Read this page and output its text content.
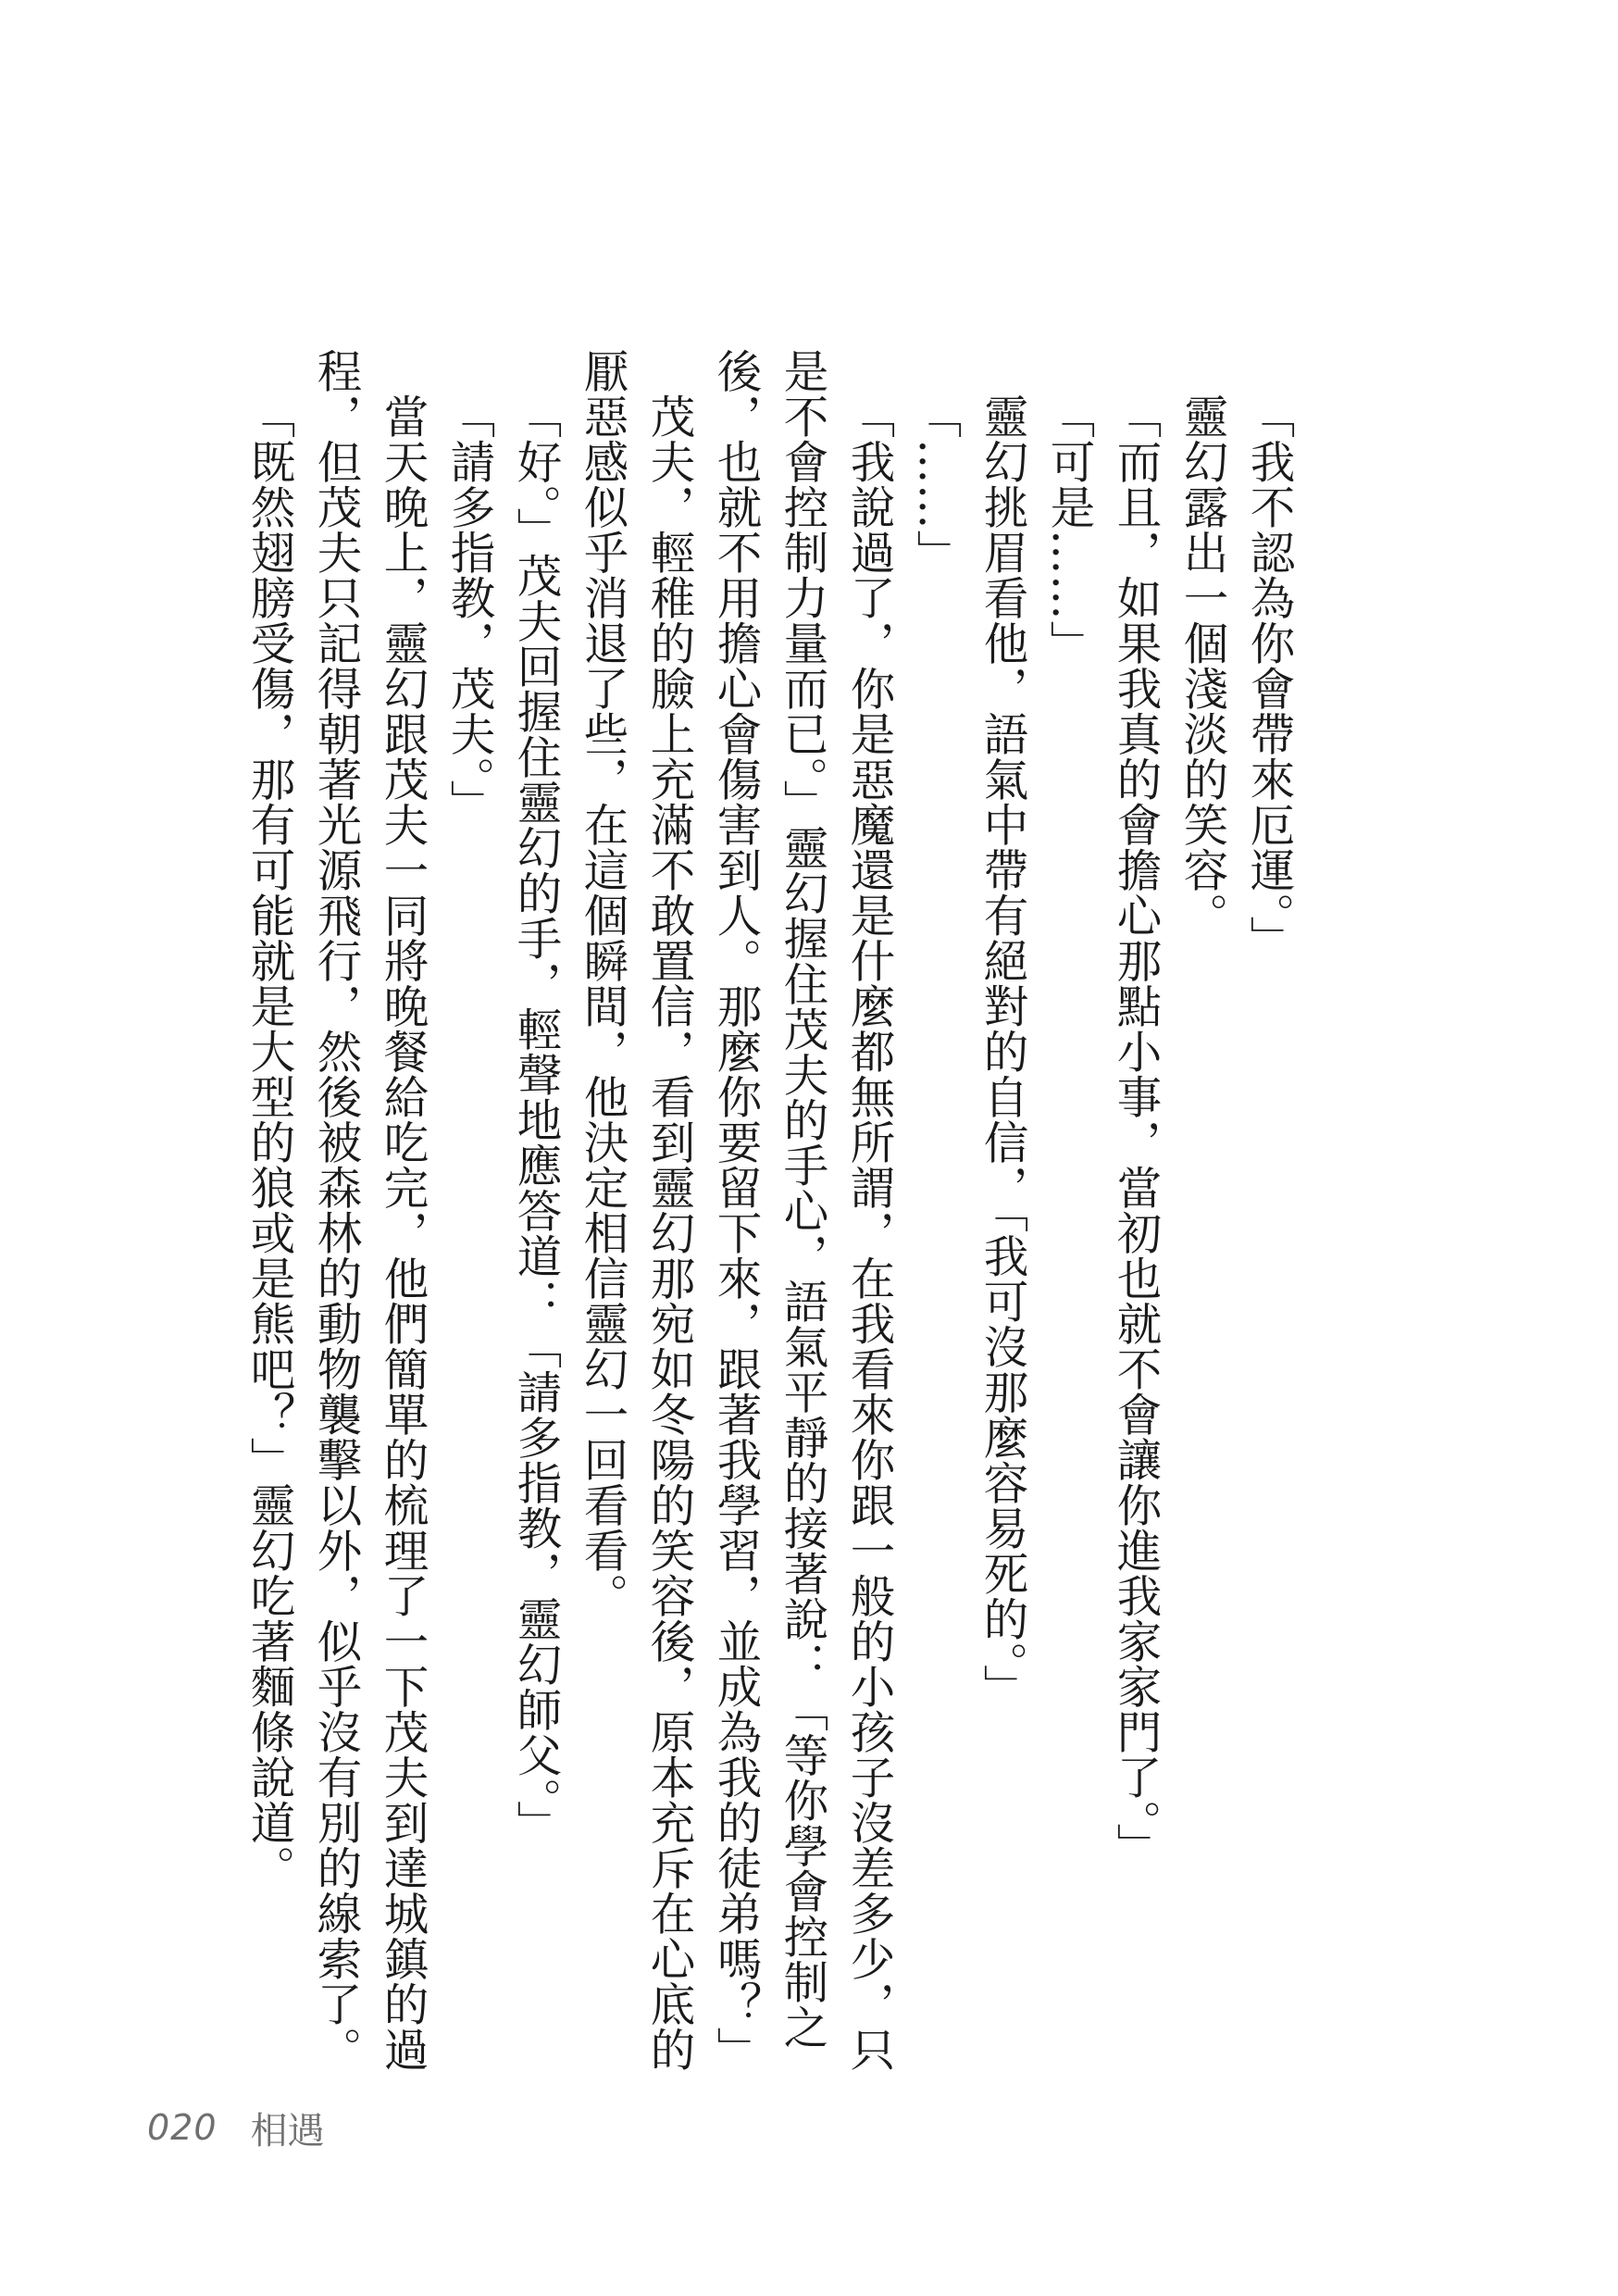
「我不認為你會帶來厄運。」

靈幻露出一個淺淡的笑容。

「而且，如果我真的會擔心那點小事，當初也就不會讓你進我家家門了。」

「可是……」

靈幻挑眉看他，語氣中帶有絕對的自信，「我可沒那麼容易死的。」

「……」

「我說過了，你是惡魔還是什麼都無所謂，在我看來你跟一般的小孩子沒差多少，只是不會控制力量而已。」靈幻握住茂夫的手心，語氣平靜的接著說：「等你學會控制之後，也就不用擔心會傷害到人。那麼你要留下來，跟著我學習，並成為我的徒弟嗎？」

茂夫，輕稚的臉上充滿不敢置信，看到靈幻那宛如冬陽的笑容後，原本充斥在心底的厭惡感似乎消退了些，在這個瞬間，他決定相信靈幻一回看看。

「好。」茂夫回握住靈幻的手，輕聲地應答道：「請多指教，靈幻師父。」

「請多指教，茂夫。」

當天晚上，靈幻跟茂夫一同將晚餐給吃完，他們簡單的梳理了一下茂夫到達城鎮的過程，但茂夫只記得朝著光源飛行，然後被森林的動物襲擊以外，似乎沒有別的線索了。

「既然翅膀受傷，那有可能就是大型的狼或是熊吧？」靈幻吃著麵條說道。

020 相遇
